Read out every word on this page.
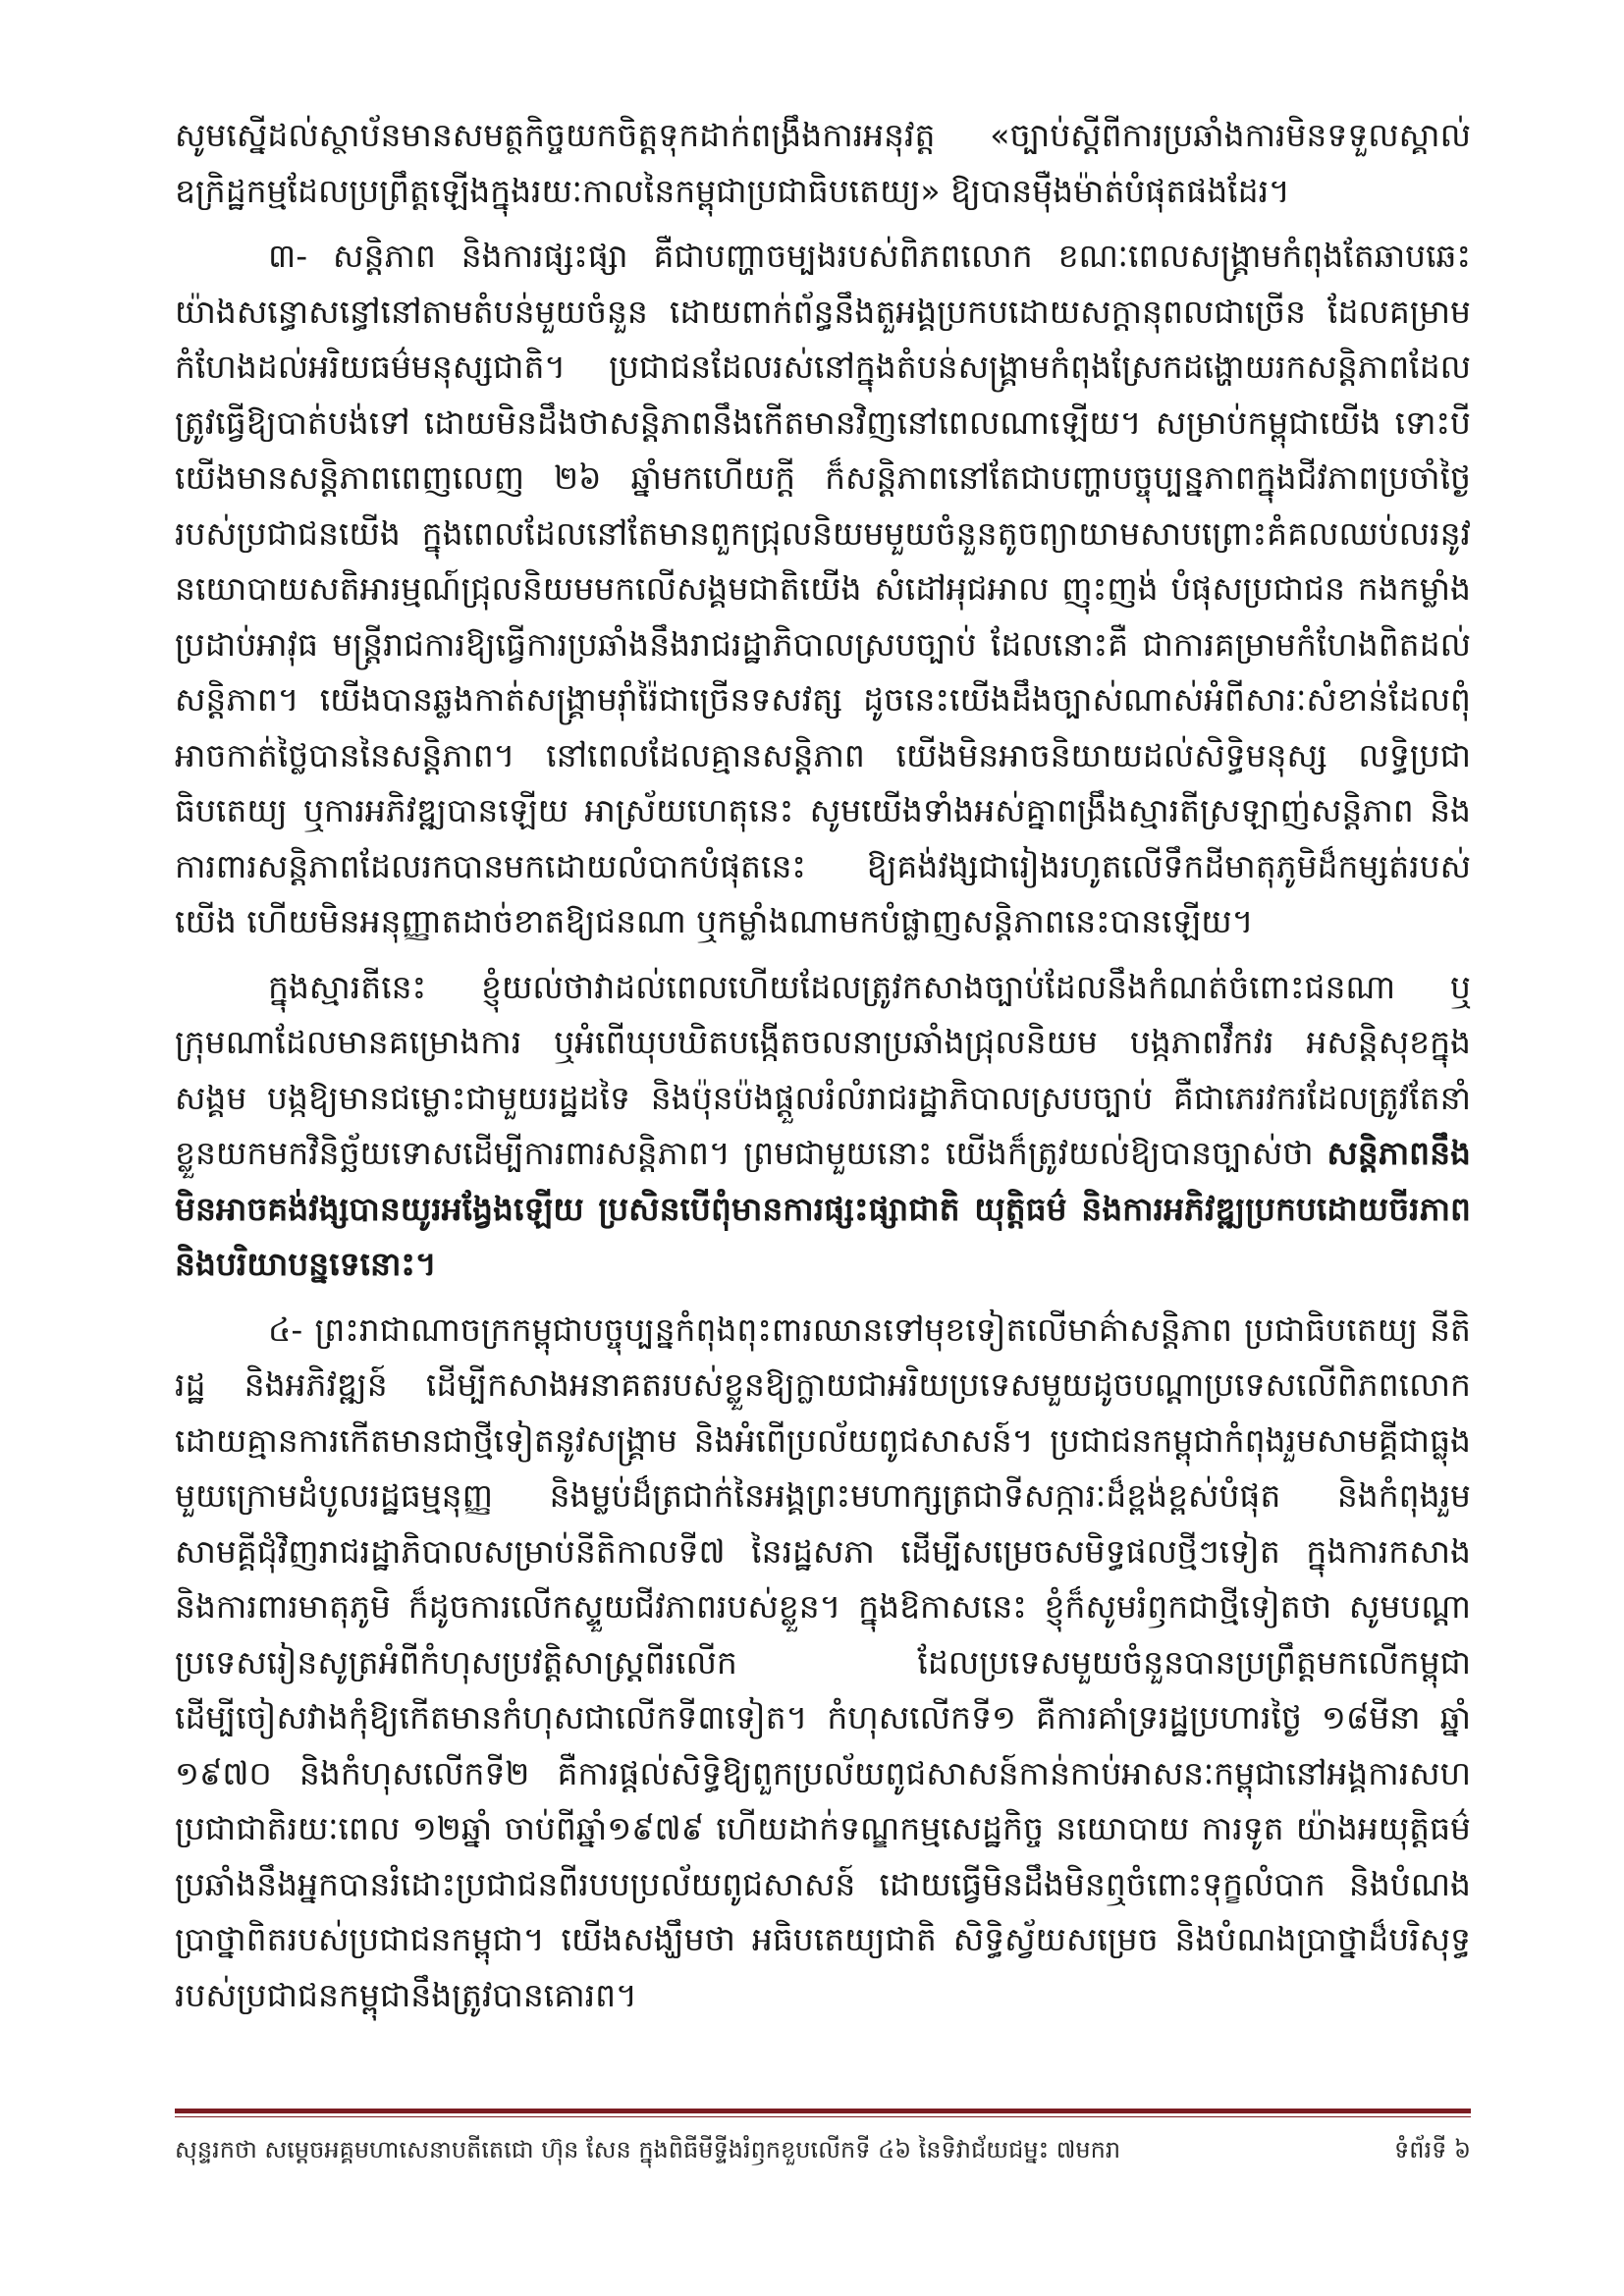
សូមស្នើដល់ស្ថាប័នមានសមត្ថកិច្ចយកចិត្តទុកដាក់ពង្រឹងការអនុវត្ត «ច្បាប់ស្តីពីការប្រឆាំងការមិនទទួលស្គាល់ឧក្រិដ្ឋកម្មដែលប្រព្រឹត្តឡើងក្នុងរយៈកាលនៃកម្ពុជាប្រជាធិបតេយ្យ» ឱ្យបានម៉ឺងម៉ាត់បំផុតផងដែរ។

៣- សន្តិភាព និងការផ្សះផ្សា គឺជាបញ្ហាចម្បងរបស់ពិភពលោក ខណៈពេលសង្គ្រាមកំពុងតែឆាបឆេះយ៉ាងសន្ធោសន្ធៅនៅតាមតំបន់មួយចំនួន ដោយពាក់ព័ន្ធនឹងតួអង្គប្រកបដោយសក្តានុពលជាច្រើន ដែលគម្រាមកំហែងដល់អរិយធម៌មនុស្សជាតិ។ ប្រជាជនដែលរស់នៅក្នុងតំបន់សង្គ្រាមកំពុងស្រែកដង្ហោយរកសន្តិភាពដែលត្រូវធ្វើឱ្យបាត់បង់ទៅ ដោយមិនដឹងថាសន្តិភាពនឹងកើតមានវិញនៅពេលណាឡើយ។ សម្រាប់កម្ពុជាយើង ទោះបីយើងមានសន្តិភាពពេញលេញ ២៦ ឆ្នាំមកហើយក្តី ក៏សន្តិភាពនៅតែជាបញ្ហាបច្ចុប្បន្នភាពក្នុងជីវភាពប្រចាំថ្ងៃរបស់ប្រជាជនយើង ក្នុងពេលដែលនៅតែមានពួកជ្រុលនិយមមួយចំនួនតូចព្យាយាមសាបព្រោះគំគលឈប់លរនូវនយោបាយសតិអារម្មណ៍ជ្រុលនិយមមកលើសង្គមជាតិយើង សំដៅអុជអាល ញុះញង់ បំផុសប្រជាជន កងកម្លាំងប្រដាប់អាវុធ មន្ត្រីរាជការឱ្យធ្វើការប្រឆាំងនឹងរាជរដ្ឋាភិបាលស្របច្បាប់ ដែលនោះគឺ ជាការគម្រាមកំហែងពិតដល់សន្តិភាព។ យើងបានឆ្លងកាត់សង្គ្រាមរ៉ាំរ៉ៃជាច្រើនទសវត្ស ដូចនេះយើងដឹងច្បាស់ណាស់អំពីសារៈសំខាន់ដែលពុំអាចកាត់ថ្លៃបាននៃសន្តិភាព។ នៅពេលដែលគ្មានសន្តិភាព យើងមិនអាចនិយាយដល់សិទ្ធិមនុស្ស លទ្ធិប្រជាធិបតេយ្យ ឬការអភិវឌ្ឍបានឡើយ អាស្រ័យហេតុនេះ សូមយើងទាំងអស់គ្នាពង្រឹងស្មារតីស្រឡាញ់សន្តិភាព និងការពារសន្តិភាពដែលរកបានមកដោយលំបាកបំផុតនេះ ឱ្យគង់វង្សជារៀងរហូតលើទឹកដីមាតុភូមិដ៏កម្សត់របស់យើង ហើយមិនអនុញ្ញាតដាច់ខាតឱ្យជនណា ឬកម្លាំងណាមកបំផ្លាញសន្តិភាពនេះបានឡើយ។

ក្នុងស្មារតីនេះ ខ្ញុំយល់ថាវាដល់ពេលហើយដែលត្រូវកសាងច្បាប់ដែលនឹងកំណត់ចំពោះជនណា ឬក្រុមណាដែលមានគម្រោងការ ឬអំពើឃុបឃិតបង្កើតចលនាប្រឆាំងជ្រុលនិយម បង្កភាពវឹកវរ អសន្តិសុខក្នុងសង្គម បង្កឱ្យមានជម្លោះជាមួយរដ្ឋដទៃ និងប៉ុនប៉ងផ្តួលរំលំរាជរដ្ឋាភិបាលស្របច្បាប់ គឺជាភេរវករដែលត្រូវតែនាំខ្លួនយកមកវិនិច្ឆ័យទោសដើម្បីការពារសន្តិភាព។ ព្រមជាមួយនោះ យើងក៏ត្រូវយល់ឱ្យបានច្បាស់ថា សន្តិភាពនឹងមិនអាចគង់វង្សបានយូរអង្វែងឡើយ ប្រសិនបើពុំមានការផ្សះផ្សាជាតិ យុត្តិធម៌ និងការអភិវឌ្ឍប្រកបដោយចីរភាព និងបរិយាបន្នទេនោះ។

៤- ព្រះរាជាណាចក្រកម្ពុជាបច្ចុប្បន្នកំពុងពុះពារឈានទៅមុខទៀតលើមាគ៌ាសន្តិភាព ប្រជាធិបតេយ្យ នីតិរដ្ឋ និងអភិវឌ្ឍន៍ ដើម្បីកសាងអនាគតរបស់ខ្លួនឱ្យក្លាយជាអរិយប្រទេសមួយដូចបណ្តាប្រទេសលើពិភពលោក ដោយគ្មានការកើតមានជាថ្មីទៀតនូវសង្គ្រាម និងអំពើប្រល័យពូជសាសន៍។ ប្រជាជនកម្ពុជាកំពុងរួមសាមគ្គីជាធ្លុងមួយក្រោមដំបូលរដ្ឋធម្មនុញ្ញ និងម្លប់ដ៏ត្រជាក់នៃអង្គព្រះមហាក្សត្រជាទីសក្ការៈដ៏ខ្ពង់ខ្ពស់បំផុត និងកំពុងរួមសាមគ្គីជុំវិញរាជរដ្ឋាភិបាលសម្រាប់នីតិកាលទី៧ នៃរដ្ឋសភា ដើម្បីសម្រេចសមិទ្ធផលថ្មីៗទៀត ក្នុងការកសាង និងការពារមាតុភូមិ ក៏ដូចការលើកស្ទួយជីវភាពរបស់ខ្លួន។ ក្នុងឱកាសនេះ ខ្ញុំក៏សូមរំឭកជាថ្មីទៀតថា សូមបណ្តាប្រទេសរៀនសូត្រអំពីកំហុសប្រវត្តិសាស្ត្រពីរលើក ដែលប្រទេសមួយចំនួនបានប្រព្រឹត្តមកលើកម្ពុជា ដើម្បីចៀសវាងកុំឱ្យកើតមានកំហុសជាលើកទី៣ទៀត។ កំហុសលើកទី១ គឺការគាំទ្ររដ្ឋប្រហារថ្ងៃ ១៨មីនា ឆ្នាំ ១៩៧០ និងកំហុសលើកទី២ គឺការផ្តល់សិទ្ធិឱ្យពួកប្រល័យពូជសាសន៍កាន់កាប់អាសនៈកម្ពុជានៅអង្គការសហប្រជាជាតិរយៈពេល ១២ឆ្នាំ ចាប់ពីឆ្នាំ១៩៧៩ ហើយដាក់ទណ្ឌកម្មសេដ្ឋកិច្ច នយោបាយ ការទូត យ៉ាងអយុត្តិធម៌ ប្រឆាំងនឹងអ្នកបានរំដោះប្រជាជនពីរបបប្រល័យពូជសាសន៍ ដោយធ្វើមិនដឹងមិនឮចំពោះទុក្ខលំបាក និងបំណងប្រាថ្នាពិតរបស់ប្រជាជនកម្ពុជា។ យើងសង្ឃឹមថា អធិបតេយ្យជាតិ សិទ្ធិស្វ័យសម្រេច និងបំណងប្រាថ្នាដ៏បរិសុទ្ធរបស់ប្រជាជនកម្ពុជានឹងត្រូវបានគោរព។

សុន្ទរកថា សម្តេចអគ្គមហាសេនាបតីតេជោ ហ៊ុន សែន ក្នុងពិធីមីទ្ទីងរំឭកខួបលើកទី ៤៦ នៃទិវាជ័យជម្នះ ៧មករា	ទំព័រទី ៦
